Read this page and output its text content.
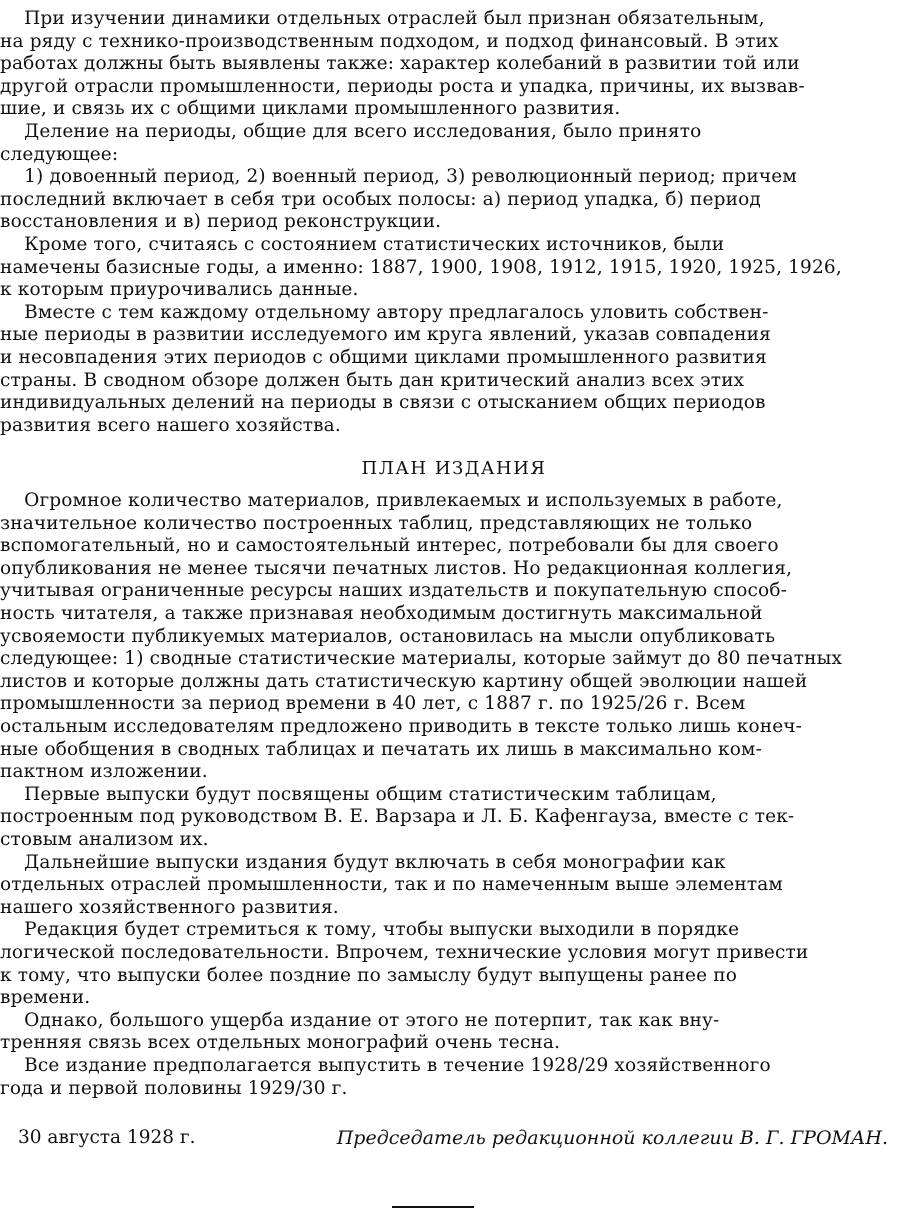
При изучении динамики отдельных отраслей был признан обязательным,
на ряду с технико-производственным подходом, и подход финансовый. В этих
работах должны быть выявлены также: характер колебаний в развитии той или
другой отрасли промышленности, периоды роста и упадка, причины, их вызвав-
шие, и связь их с общими циклами промышленного развития.
Деление на периоды, общие для всего исследования, было принято
следующее:
1) довоенный период, 2) военный период, 3) революционный период; причем
последний включает в себя три особых полосы: а) период упадка, б) период
восстановления и в) период реконструкции.
Кроме того, считаясь с состоянием статистических источников, были
намечены базисные годы, а именно: 1887, 1900, 1908, 1912, 1915, 1920, 1925, 1926,
к которым приурочивались данные.
Вместе с тем каждому отдельному автору предлагалось уловить собствен-
ные периоды в развитии исследуемого им круга явлений, указав совпадения
и несовпадения этих периодов с общими циклами промышленного развития
страны. В сводном обзоре должен быть дан критический анализ всех этих
индивидуальных делений на периоды в связи с отысканием общих периодов
развития всего нашего хозяйства.
ПЛАН ИЗДАНИЯ
Огромное количество материалов, привлекаемых и используемых в работе,
значительное количество построенных таблиц, представляющих не только
вспомогательный, но и самостоятельный интерес, потребовали бы для своего
опубликования не менее тысячи печатных листов. Но редакционная коллегия,
учитывая ограниченные ресурсы наших издательств и покупательную способ-
ность читателя, а также признавая необходимым достигнуть максимальной
усвояемости публикуемых материалов, остановилась на мысли опубликовать
следующее: 1) сводные статистические материалы, которые займут до 80 печатных
листов и которые должны дать статистическую картину общей эволюции нашей
промышленности за период времени в 40 лет, с 1887 г. по 1925/26 г. Всем
остальным исследователям предложено приводить в тексте только лишь конеч-
ные обобщения в сводных таблицах и печатать их лишь в максимально ком-
пактном изложении.
Первые выпуски будут посвящены общим статистическим таблицам,
построенным под руководством В. Е. Варзара и Л. Б. Кафенгауза, вместе с тек-
стовым анализом их.
Дальнейшие выпуски издания будут включать в себя монографии как
отдельных отраслей промышленности, так и по намеченным выше элементам
нашего хозяйственного развития.
Редакция будет стремиться к тому, чтобы выпуски выходили в порядке
логической последовательности. Впрочем, технические условия могут привести
к тому, что выпуски более поздние по замыслу будут выпущены ранее по
времени.
Однако, большого ущерба издание от этого не потерпит, так как вну-
тренняя связь всех отдельных монографий очень тесна.
Все издание предполагается выпустить в течение 1928/29 хозяйственного
года и первой половины 1929/30 г.
30 августа 1928 г.	Председатель редакционной коллегии В. Г. ГРОМАН.
